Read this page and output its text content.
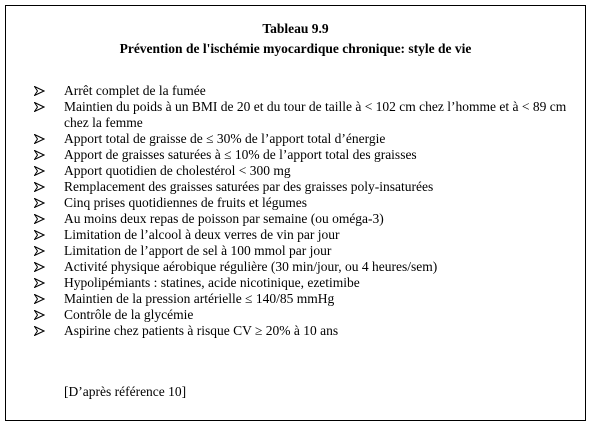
Tableau 9.9
Prévention de l'ischémie myocardique chronique: style de vie
Arrêt complet de la fumée
Maintien du poids à un BMI de 20 et du tour de taille à < 102 cm chez l’homme et à < 89 cm chez la femme
Apport total de graisse de ≤ 30% de l’apport total d’énergie
Apport de graisses saturées à ≤ 10% de l’apport total des graisses
Apport quotidien de cholestérol < 300 mg
Remplacement des graisses saturées par des graisses poly-insaturées
Cinq prises quotidiennes de fruits et légumes
Au moins deux repas de poisson par semaine (ou oméga-3)
Limitation de l’alcool à deux verres de vin par jour
Limitation de l’apport de sel à 100 mmol par jour
Activité physique aérobique régulière (30 min/jour, ou 4 heures/sem)
Hypolipémiants : statines, acide nicotinique, ezetimibe
Maintien de la pression artérielle ≤ 140/85 mmHg
Contrôle de la glycémie
Aspirine chez patients à risque CV ≥ 20% à 10 ans
[D’après référence 10]
